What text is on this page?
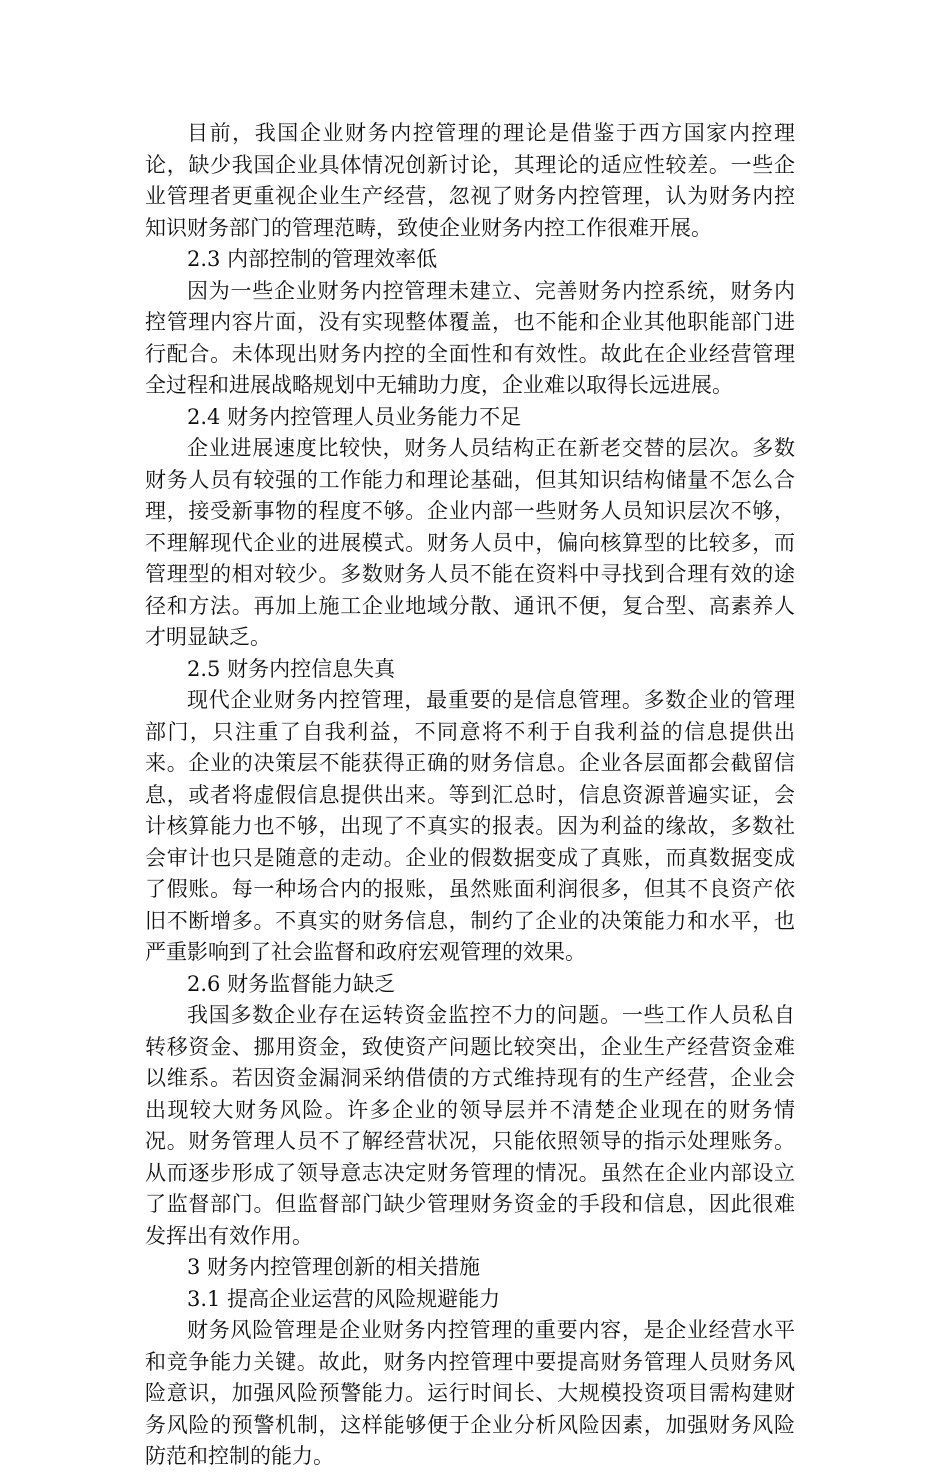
目前，我国企业财务内控管理的理论是借鉴于西方国家内控理论，缺少我国企业具体情况创新讨论，其理论的适应性较差。一些企业管理者更重视企业生产经营，忽视了财务内控管理，认为财务内控知识财务部门的管理范畴，致使企业财务内控工作很难开展。

2.3 内部控制的管理效率低

因为一些企业财务内控管理未建立、完善财务内控系统，财务内控管理内容片面，没有实现整体覆盖，也不能和企业其他职能部门进行配合。未体现出财务内控的全面性和有效性。故此在企业经营管理全过程和进展战略规划中无辅助力度，企业难以取得长远进展。

2.4 财务内控管理人员业务能力不足

企业进展速度比较快，财务人员结构正在新老交替的层次。多数财务人员有较强的工作能力和理论基础，但其知识结构储量不怎么合理，接受新事物的程度不够。企业内部一些财务人员知识层次不够，不理解现代企业的进展模式。财务人员中，偏向核算型的比较多，而管理型的相对较少。多数财务人员不能在资料中寻找到合理有效的途径和方法。再加上施工企业地域分散、通讯不便，复合型、高素养人才明显缺乏。

2.5 财务内控信息失真

现代企业财务内控管理，最重要的是信息管理。多数企业的管理部门，只注重了自我利益，不同意将不利于自我利益的信息提供出来。企业的决策层不能获得正确的财务信息。企业各层面都会截留信息，或者将虚假信息提供出来。等到汇总时，信息资源普遍实证，会计核算能力也不够，出现了不真实的报表。因为利益的缘故，多数社会审计也只是随意的走动。企业的假数据变成了真账，而真数据变成了假账。每一种场合内的报账，虽然账面利润很多，但其不良资产依旧不断增多。不真实的财务信息，制约了企业的决策能力和水平，也严重影响到了社会监督和政府宏观管理的效果。

2.6 财务监督能力缺乏

我国多数企业存在运转资金监控不力的问题。一些工作人员私自转移资金、挪用资金，致使资产问题比较突出，企业生产经营资金难以维系。若因资金漏洞采纳借债的方式维持现有的生产经营，企业会出现较大财务风险。许多企业的领导层并不清楚企业现在的财务情况。财务管理人员不了解经营状况，只能依照领导的指示处理账务。从而逐步形成了领导意志决定财务管理的情况。虽然在企业内部设立了监督部门。但监督部门缺少管理财务资金的手段和信息，因此很难发挥出有效作用。

3 财务内控管理创新的相关措施

3.1 提高企业运营的风险规避能力

财务风险管理是企业财务内控管理的重要内容，是企业经营水平和竞争能力关键。故此，财务内控管理中要提高财务管理人员财务风险意识，加强风险预警能力。运行时间长、大规模投资项目需构建财务风险的预警机制，这样能够便于企业分析风险因素，加强财务风险防范和控制的能力。
